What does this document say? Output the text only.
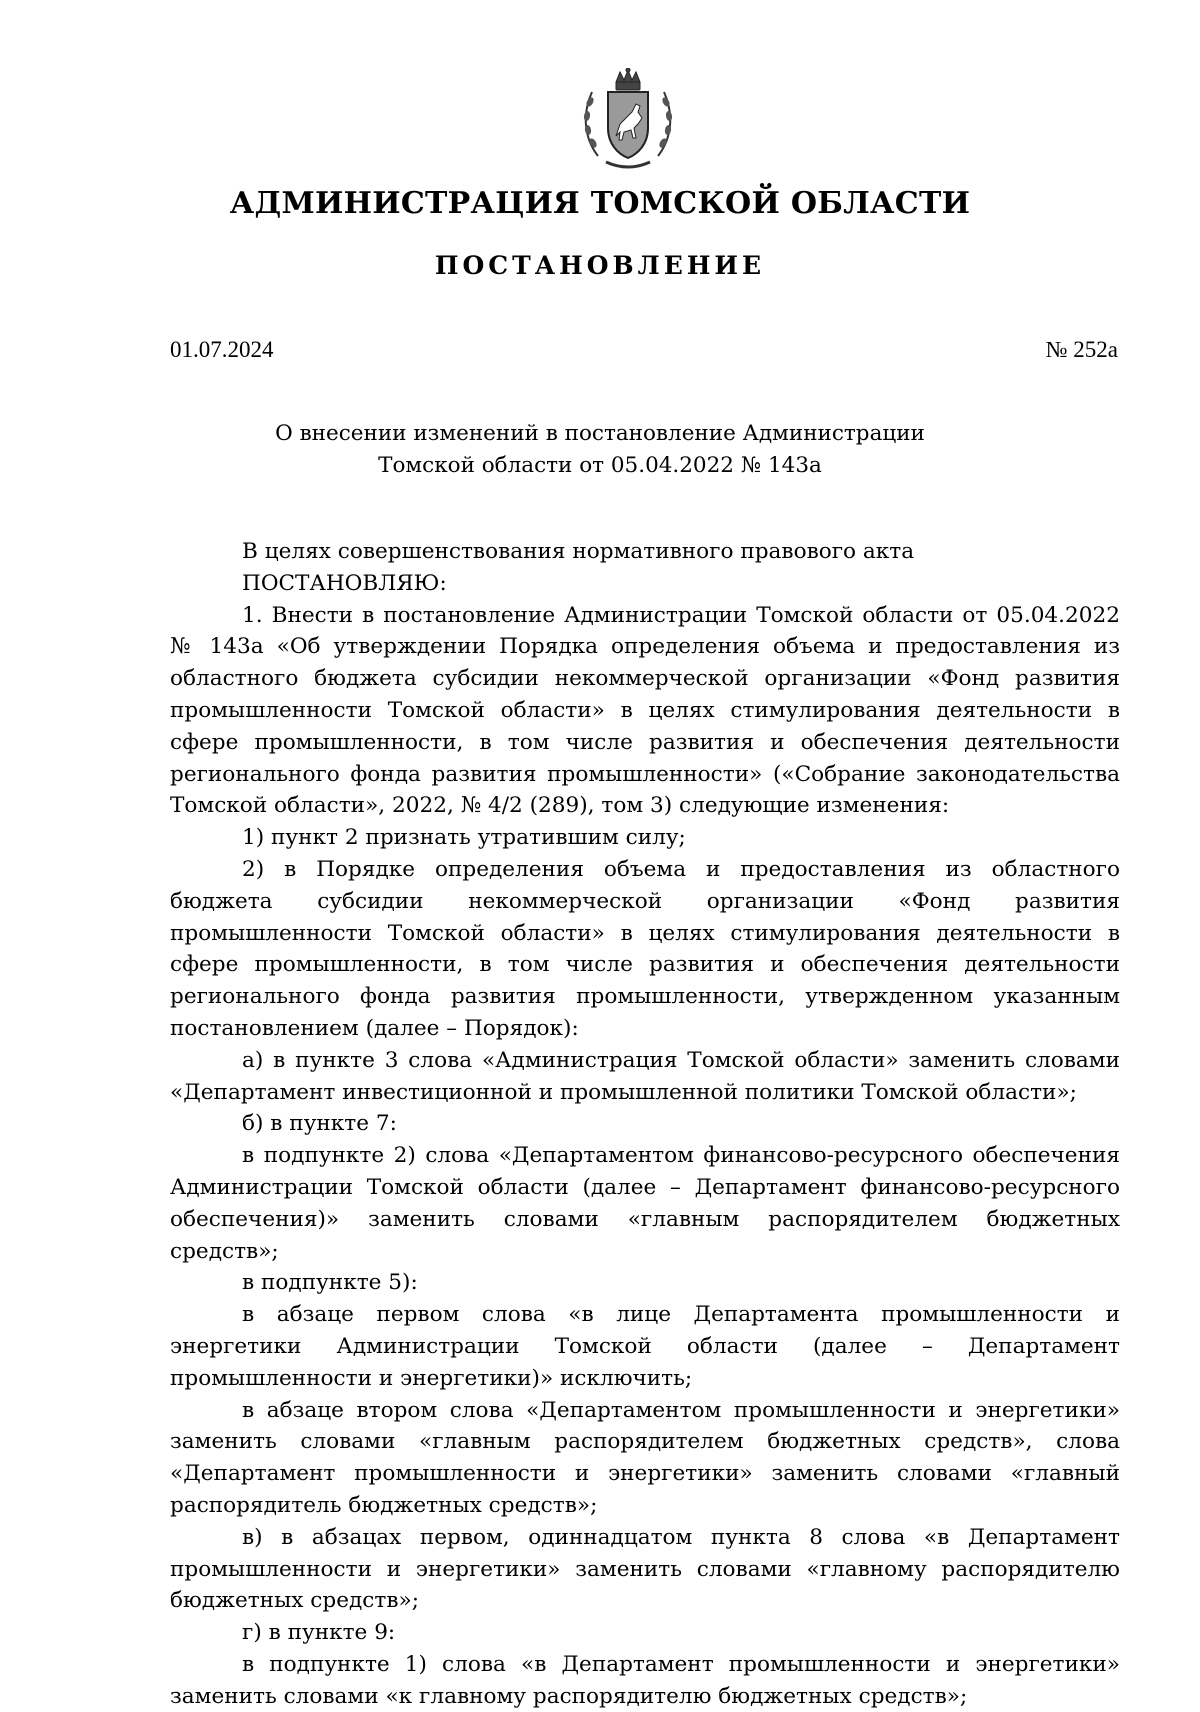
АДМИНИСТРАЦИЯ ТОМСКОЙ ОБЛАСТИ
ПОСТАНОВЛЕНИЕ
01.07.2024	№ 252а
О внесении изменений в постановление Администрации
Томской области от 05.04.2022 № 143а

В целях совершенствования нормативного правового акта

ПОСТАНОВЛЯЮ:

1. Внести в постановление Администрации Томской области от 05.04.2022 № 143а «Об утверждении Порядка определения объема и предоставления из областного бюджета субсидии некоммерческой организации «Фонд развития промышленности Томской области» в целях стимулирования деятельности в сфере промышленности, в том числе развития и обеспечения деятельности регионального фонда развития промышленности» («Собрание законодательства Томской области», 2022, № 4/2 (289), том 3) следующие изменения:

1) пункт 2 признать утратившим силу;

2) в Порядке определения объема и предоставления из областного бюджета субсидии некоммерческой организации «Фонд развития промышленности Томской области» в целях стимулирования деятельности в сфере промышленности, в том числе развития и обеспечения деятельности регионального фонда развития промышленности, утвержденном указанным постановлением (далее – Порядок):

а) в пункте 3 слова «Администрация Томской области» заменить словами «Департамент инвестиционной и промышленной политики Томской области»;

б) в пункте 7:

в подпункте 2) слова «Департаментом финансово-ресурсного обеспечения Администрации Томской области (далее – Департамент финансово-ресурсного обеспечения)» заменить словами «главным распорядителем бюджетных средств»;

в подпункте 5):

в абзаце первом слова «в лице Департамента промышленности и энергетики Администрации Томской области (далее – Департамент промышленности и энергетики)» исключить;

в абзаце втором слова «Департаментом промышленности и энергетики» заменить словами «главным распорядителем бюджетных средств», слова «Департамент промышленности и энергетики» заменить словами «главный распорядитель бюджетных средств»;

в) в абзацах первом, одиннадцатом пункта 8 слова «в Департамент промышленности и энергетики» заменить словами «главному распорядителю бюджетных средств»;

г) в пункте 9:

в подпункте 1) слова «в Департамент промышленности и энергетики» заменить словами «к главному распорядителю бюджетных средств»;
